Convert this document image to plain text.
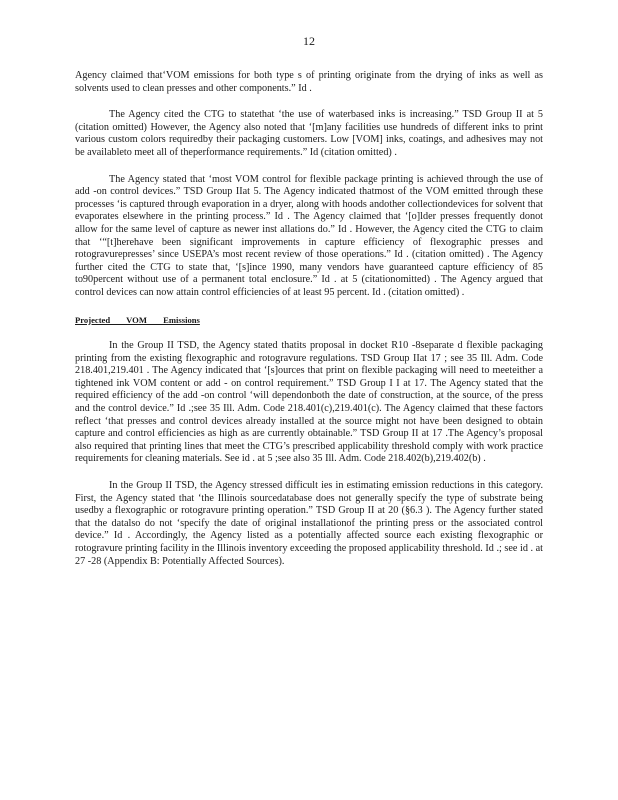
12

Agency claimed that‘VOM emissions for both type s of printing originate from the drying of inks as well as solvents used to clean presses and other components.” Id .

The Agency cited the CTG to statethat ‘the use of waterbased inks is increasing.” TSD Group II at 5 (citation omitted) However, the Agency also noted that ‘[m]any facilities use hundreds of different inks to print various custom colors requiredby their packaging customers. Low [VOM] inks, coatings, and adhesives may not be availableto meet all of theperformance requirements.” Id (citation omitted) .

The Agency stated that ‘most VOM control for flexible package printing is achieved through the use of add -on control devices.” TSD Group IIat 5. The Agency indicated thatmost of the VOM emitted through these processes ‘is captured through evaporation in a dryer, along with hoods andother collectiondevices for solvent that evaporates elsewhere in the printing process.” Id . The Agency claimed that ‘[o]lder presses frequently donot allow for the same level of capture as newer inst allations do.” Id . However, the Agency cited the CTG to claim that ‘“[t]herehave been significant improvements in capture efficiency of flexographic presses and rotogravurepresses’ since USEPA’s most recent review of those operations.” Id . (citation omitted) . The Agency further cited the CTG to state that, ‘[s]ince 1990, many vendors have guaranteed capture efficiency of 85 to90percent without use of a permanent total enclosure.” Id . at 5 (citationomitted) . The Agency argued that control devices can now attain control efficiencies of at least 95 percent. Id . (citation omitted) .

Projected VOM Emissions

In the Group II TSD, the Agency stated thatits proposal in docket R10 -8separate d flexible packaging printing from the existing flexographic and rotogravure regulations. TSD Group IIat 17 ; see 35 Ill. Adm. Code 218.401,219.401 . The Agency indicated that ‘[s]ources that print on flexible packaging will need to meeteither a tightened ink VOM content or add - on control requirement.” TSD Group I I at 17. The Agency stated that the required efficiency of the add -on control ‘will dependonboth the date of construction, at the source, of the press and the control device.” Id .;see 35 Ill. Adm. Code 218.401(c),219.401(c). The Agency claimed that these factors reflect ‘that presses and control devices already installed at the source might not have been designed to obtain capture and control efficiencies as high as are currently obtainable.” TSD Group II at 17 .The Agency’s proposal also required that printing lines that meet the CTG’s prescribed applicability threshold comply with work practice requirements for cleaning materials. See id . at 5 ;see also 35 Ill. Adm. Code 218.402(b),219.402(b) .

In the Group II TSD, the Agency stressed difficult ies in estimating emission reductions in this category. First, the Agency stated that ‘the Illinois sourcedatabase does not generally specify the type of substrate being usedby a flexographic or rotogravure printing operation.” TSD Group II at 20 (§6.3 ). The Agency further stated that the datalso do not ‘specify the date of original installationof the printing press or the associated control device.” Id . Accordingly, the Agency listed as a potentially affected source each existing flexographic or rotogravure printing facility in the Illinois inventory exceeding the proposed applicability threshold. Id .; see id . at 27 -28 (Appendix B: Potentially Affected Sources).
